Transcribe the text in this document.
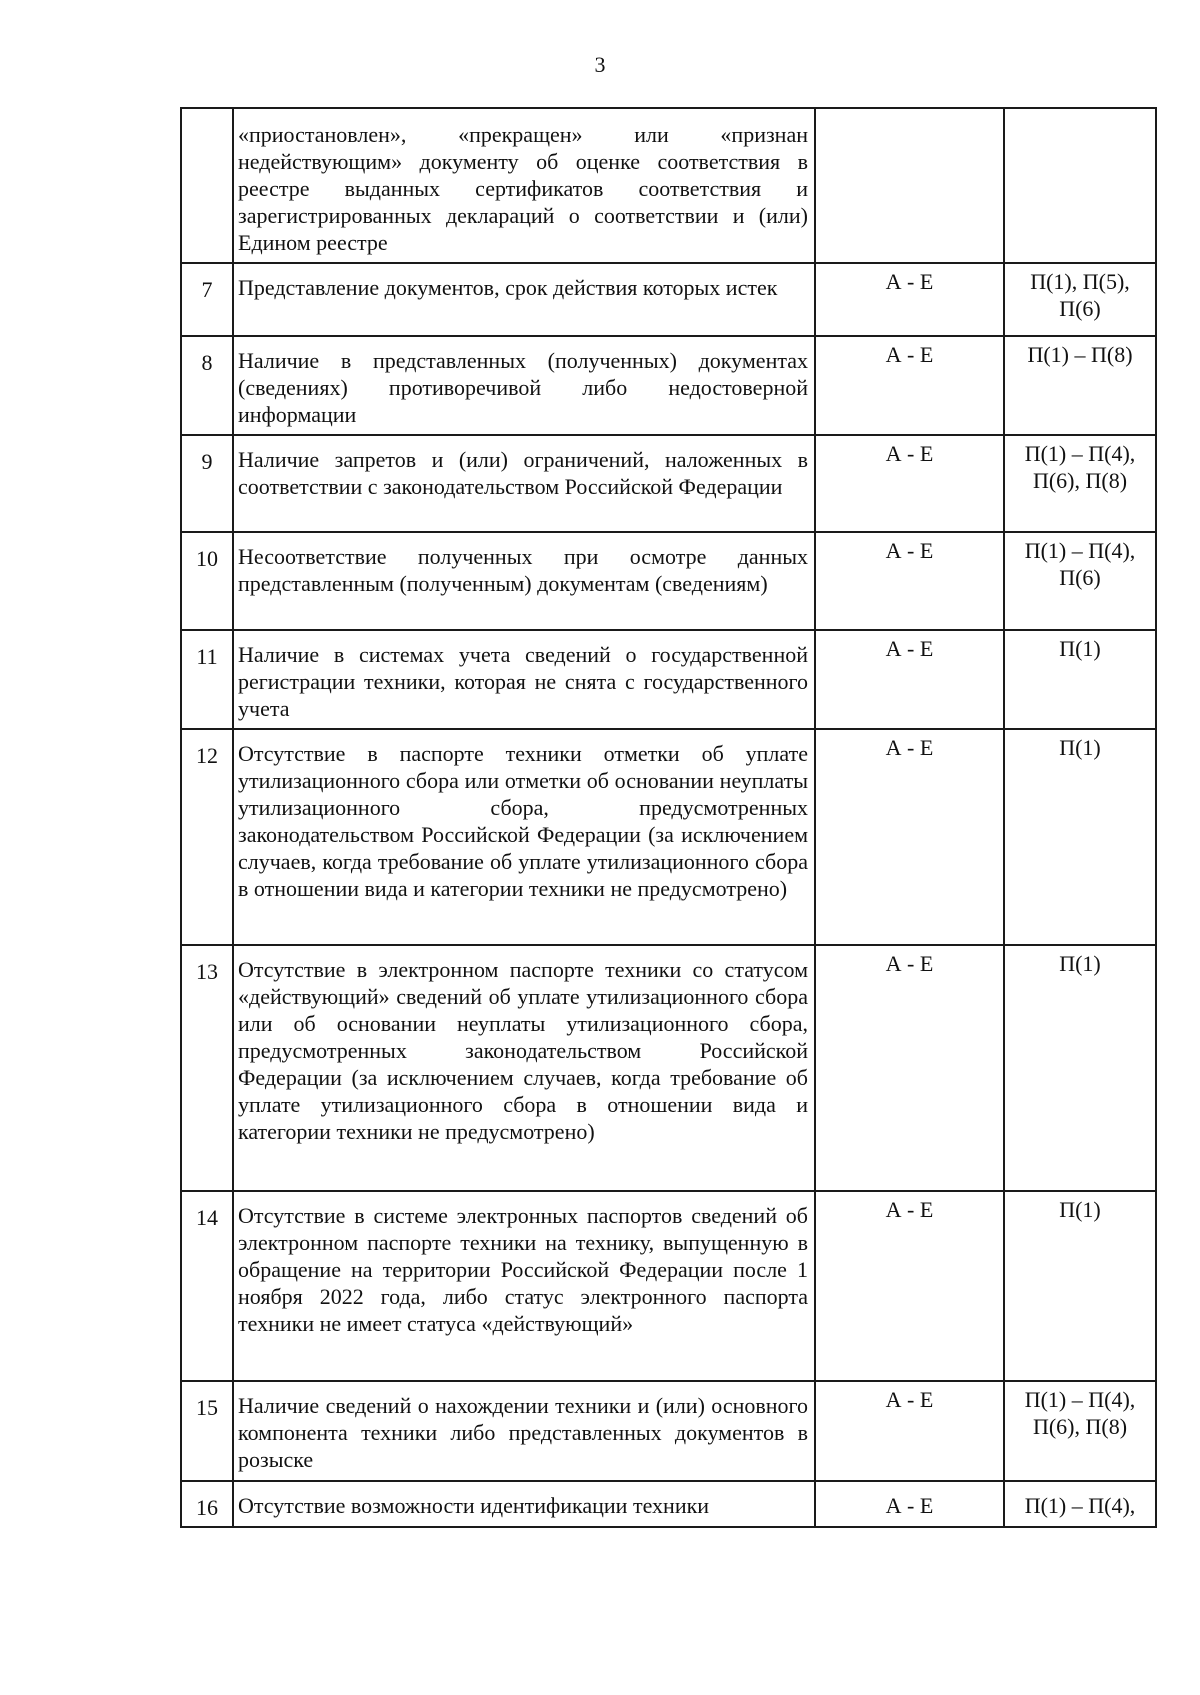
3
	«приостановлен», «прекращен» или «признан недействующим» документу об оценке соответствия в реестре выданных сертификатов соответствия и зарегистрированных деклараций о соответствии и (или) Едином реестре		
7	Представление документов, срок действия которых истек	А - Е	П(1), П(5), П(6)
8	Наличие в представленных (полученных) документах (сведениях) противоречивой либо недостоверной информации	А - Е	П(1) – П(8)
9	Наличие запретов и (или) ограничений, наложенных в соответствии с законодательством Российской Федерации	А - Е	П(1) – П(4), П(6), П(8)
10	Несоответствие полученных при осмотре данных представленным (полученным) документам (сведениям)	А - Е	П(1) – П(4), П(6)
11	Наличие в системах учета сведений о государственной регистрации техники, которая не снята с государственного учета	А - Е	П(1)
12	Отсутствие в паспорте техники отметки об уплате утилизационного сбора или отметки об основании неуплаты утилизационного сбора, предусмотренных законодательством Российской Федерации (за исключением случаев, когда требование об уплате утилизационного сбора в отношении вида и категории техники не предусмотрено)	А - Е	П(1)
13	Отсутствие в электронном паспорте техники со статусом «действующий» сведений об уплате утилизационного сбора или об основании неуплаты утилизационного сбора, предусмотренных законодательством Российской Федерации (за исключением случаев, когда требование об уплате утилизационного сбора в отношении вида и категории техники не предусмотрено)	А - Е	П(1)
14	Отсутствие в системе электронных паспортов сведений об электронном паспорте техники на технику, выпущенную в обращение на территории Российской Федерации после 1 ноября 2022 года, либо статус электронного паспорта техники не имеет статуса «действующий»	А - Е	П(1)
15	Наличие сведений о нахождении техники и (или) основного компонента техники либо представленных документов в розыске	А - Е	П(1) – П(4), П(6), П(8)
16	Отсутствие возможности идентификации техники	А - Е	П(1) – П(4),
